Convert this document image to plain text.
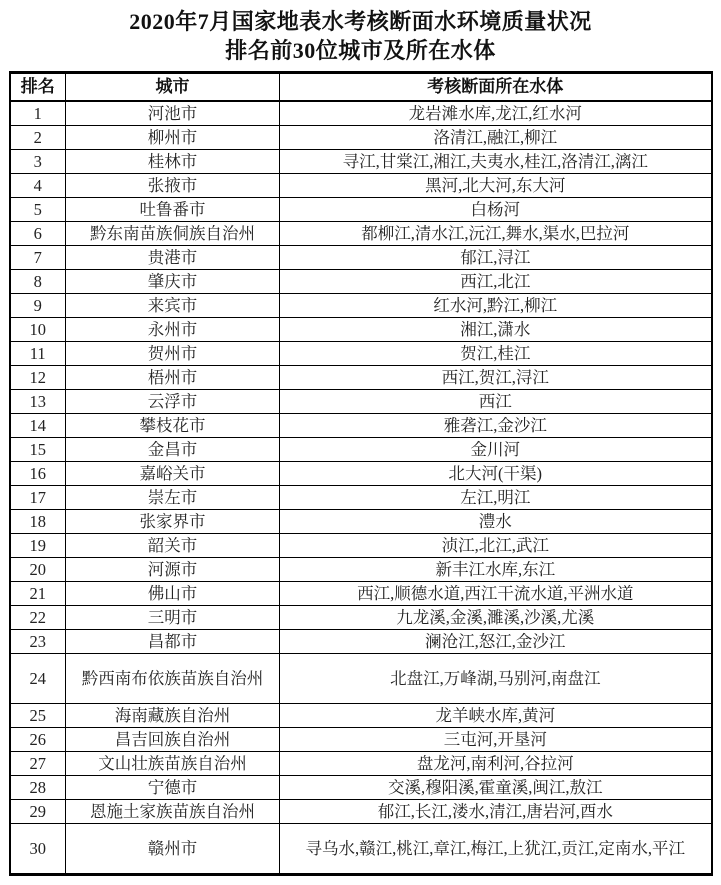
2020年7月国家地表水考核断面水环境质量状况
排名前30位城市及所在水体
排名	城市	考核断面所在水体
1	河池市	龙岩滩水库,龙江,红水河
2	柳州市	洛清江,融江,柳江
3	桂林市	寻江,甘棠江,湘江,夫夷水,桂江,洛清江,漓江
4	张掖市	黑河,北大河,东大河
5	吐鲁番市	白杨河
6	黔东南苗族侗族自治州	都柳江,清水江,沅江,舞水,渠水,巴拉河
7	贵港市	郁江,浔江
8	肇庆市	西江,北江
9	来宾市	红水河,黔江,柳江
10	永州市	湘江,潇水
11	贺州市	贺江,桂江
12	梧州市	西江,贺江,浔江
13	云浮市	西江
14	攀枝花市	雅砻江,金沙江
15	金昌市	金川河
16	嘉峪关市	北大河(干渠)
17	崇左市	左江,明江
18	张家界市	澧水
19	韶关市	浈江,北江,武江
20	河源市	新丰江水库,东江
21	佛山市	西江,顺德水道,西江干流水道,平洲水道
22	三明市	九龙溪,金溪,濉溪,沙溪,尤溪
23	昌都市	澜沧江,怒江,金沙江
24	黔西南布依族苗族自治州	北盘江,万峰湖,马别河,南盘江
25	海南藏族自治州	龙羊峡水库,黄河
26	昌吉回族自治州	三屯河,开垦河
27	文山壮族苗族自治州	盘龙河,南利河,谷拉河
28	宁德市	交溪,穆阳溪,霍童溪,闽江,敖江
29	恩施土家族苗族自治州	郁江,长江,溇水,清江,唐岩河,酉水
30	赣州市	寻乌水,赣江,桃江,章江,梅江,上犹江,贡江,定南水,平江
